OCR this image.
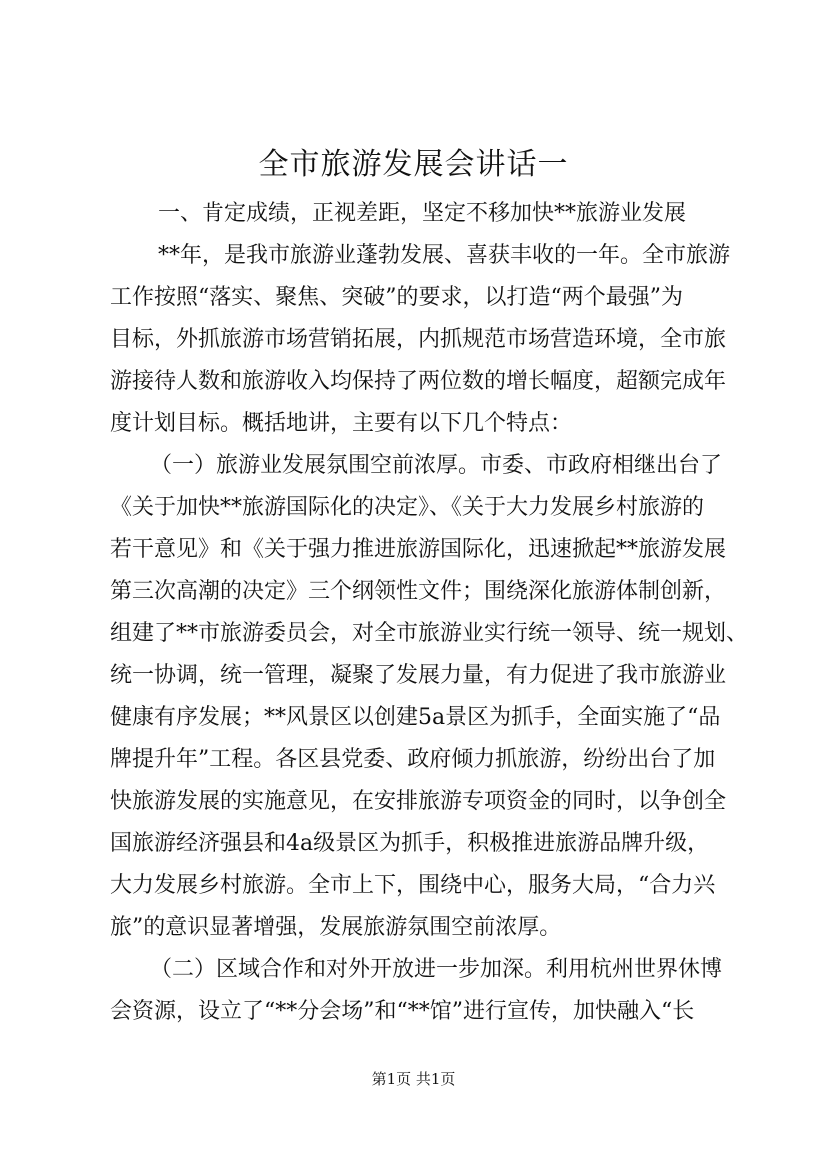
全市旅游发展会讲话一
一、肯定成绩，正视差距，坚定不移加快**旅游业发展
**年，是我市旅游业蓬勃发展、喜获丰收的一年。全市旅游
工作按照“落实、聚焦、突破”的要求，以打造“两个最强”为
目标，外抓旅游市场营销拓展，内抓规范市场营造环境，全市旅
游接待人数和旅游收入均保持了两位数的增长幅度，超额完成年
度计划目标。概括地讲，主要有以下几个特点：
（一）旅游业发展氛围空前浓厚。市委、市政府相继出台了
《关于加快**旅游国际化的决定》、《关于大力发展乡村旅游的
若干意见》和《关于强力推进旅游国际化，迅速掀起**旅游发展
第三次高潮的决定》三个纲领性文件；围绕深化旅游体制创新，
组建了**市旅游委员会，对全市旅游业实行统一领导、统一规划、
统一协调，统一管理，凝聚了发展力量，有力促进了我市旅游业
健康有序发展；**风景区以创建5a景区为抓手，全面实施了“品
牌提升年”工程。各区县党委、政府倾力抓旅游，纷纷出台了加
快旅游发展的实施意见，在安排旅游专项资金的同时，以争创全
国旅游经济强县和4a级景区为抓手，积极推进旅游品牌升级，
大力发展乡村旅游。全市上下，围绕中心，服务大局，“合力兴
旅”的意识显著增强，发展旅游氛围空前浓厚。
（二）区域合作和对外开放进一步加深。利用杭州世界休博
会资源，设立了“**分会场”和“**馆”进行宣传，加快融入“长
第1页 共1页
